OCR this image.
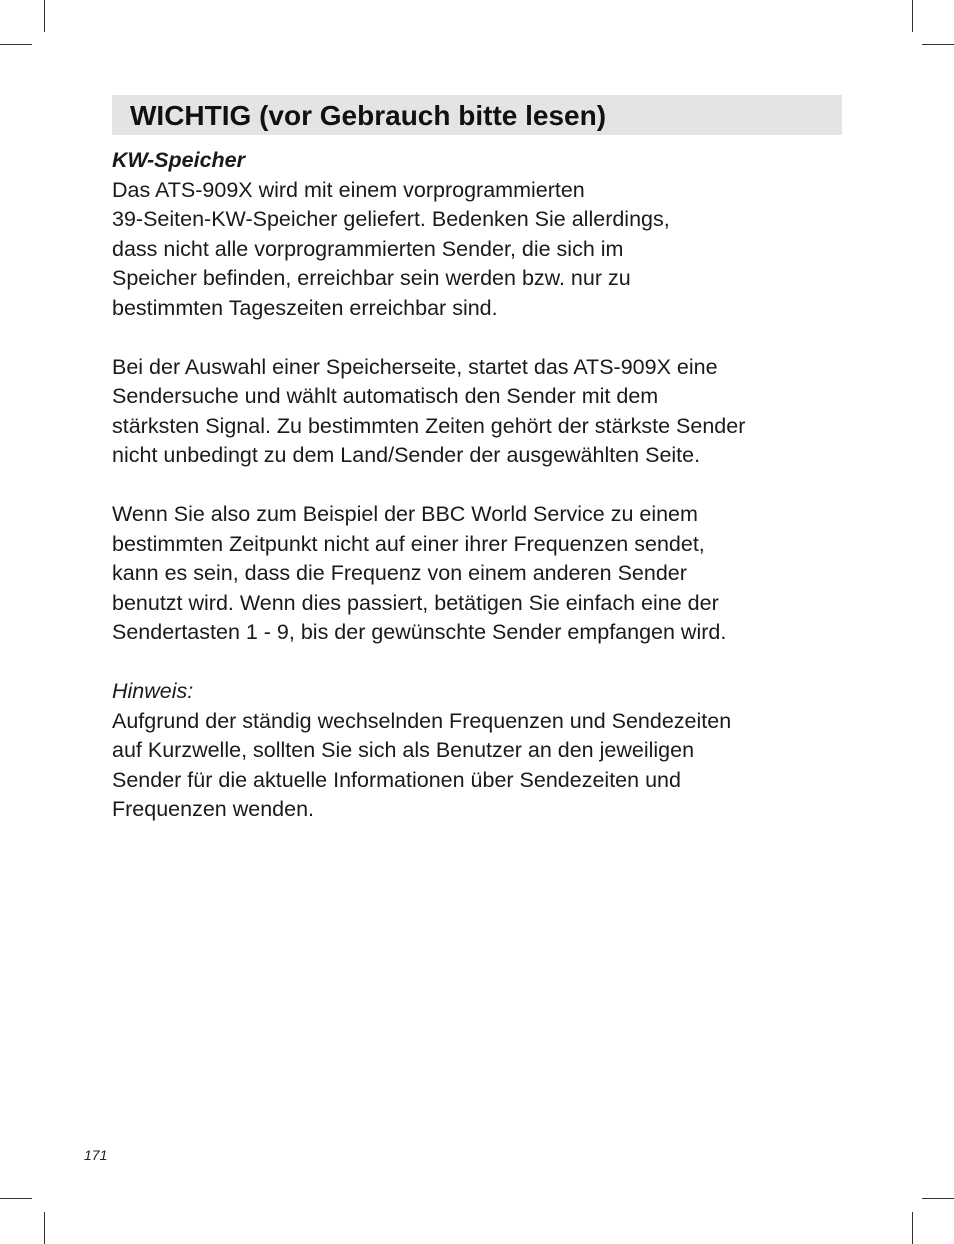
WICHTIG (vor Gebrauch bitte lesen)

KW-Speicher

Das ATS-909X wird mit einem vorprogrammierten
39-Seiten-KW-Speicher geliefert. Bedenken Sie allerdings,
dass nicht alle vorprogrammierten Sender, die sich im
Speicher befinden, erreichbar sein werden bzw. nur zu
bestimmten Tageszeiten erreichbar sind.

Bei der Auswahl einer Speicherseite, startet das ATS-909X eine
Sendersuche und wählt automatisch den Sender mit dem
stärksten Signal. Zu bestimmten Zeiten gehört der stärkste Sender
nicht unbedingt zu dem Land/Sender der ausgewählten Seite.

Wenn Sie also zum Beispiel der BBC World Service zu einem
bestimmten Zeitpunkt nicht auf einer ihrer Frequenzen sendet,
kann es sein, dass die Frequenz von einem anderen Sender
benutzt wird. Wenn dies passiert, betätigen Sie einfach eine der
Sendertasten 1 - 9, bis der gewünschte Sender empfangen wird.

Hinweis:

Aufgrund der ständig wechselnden Frequenzen und Sendezeiten
auf Kurzwelle, sollten Sie sich als Benutzer an den jeweiligen
Sender für die aktuelle Informationen über Sendezeiten und
Frequenzen wenden.

171
